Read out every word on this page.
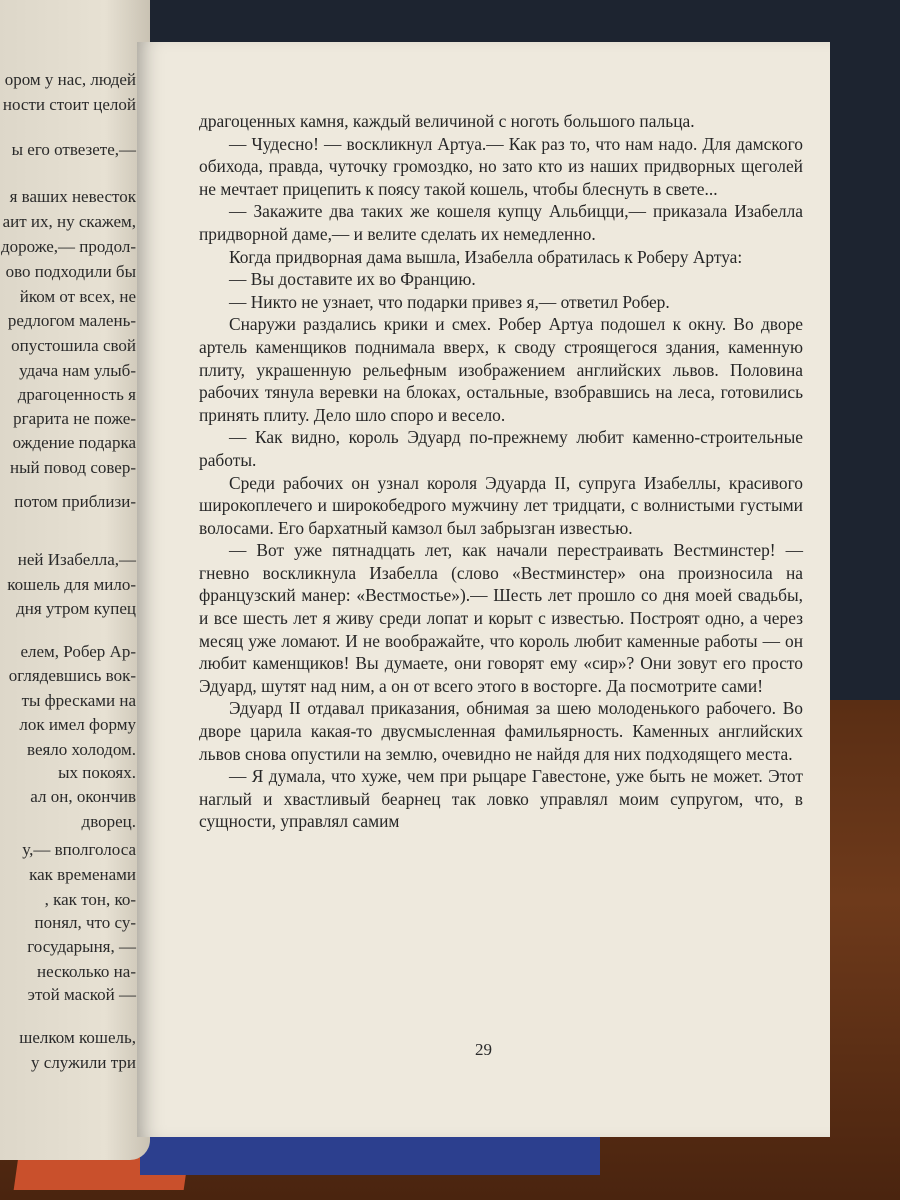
ором у нас, людей
ности стоит целой
ы его отвезете,—
я ваших невесток
аит их, ну скажем,
дороже,— продол-
ово подходили бы
йком от всех, не
редлогом малень-
опустошила свой
удача нам улыб-
драгоценность я
ргарита не поже-
ождение подарка
ный повод совер-
потом приблизи-
ней Изабелла,—
кошель для мило-
дня утром купец
елем, Робер Ар-
оглядевшись вок-
ты фресками на
лок имел форму
веяло холодом.
ых покоях.
ал он, окончив
дворец.
у,— вполголоса
как временами
, как тон, ко-
понял, что су-
государыня, —
несколько на-
этой маской —
шелком кошель,
у служили три

драгоценных камня, каждый величиной с ноготь большого пальца.

— Чудесно! — воскликнул Артуа.— Как раз то, что нам надо. Для дамского обихода, правда, чуточку громоздко, но зато кто из наших придворных щеголей не мечтает прицепить к поясу такой кошель, чтобы блеснуть в свете...

— Закажите два таких же кошеля купцу Альбицци,— приказала Изабелла придворной даме,— и велите сделать их немедленно.

Когда придворная дама вышла, Изабелла обратилась к Роберу Артуа:

— Вы доставите их во Францию.

— Никто не узнает, что подарки привез я,— ответил Робер.

Снаружи раздались крики и смех. Робер Артуа подошел к окну. Во дворе артель каменщиков поднимала вверх, к своду строящегося здания, каменную плиту, украшенную рельефным изображением английских львов. Половина рабочих тянула веревки на блоках, остальные, взобравшись на леса, готовились принять плиту. Дело шло споро и весело.

— Как видно, король Эдуард по-прежнему любит каменно-строительные работы.

Среди рабочих он узнал короля Эдуарда II, супруга Изабеллы, красивого широкоплечего и широкобедрого мужчину лет тридцати, с волнистыми густыми волосами. Его бархатный камзол был забрызган известью.

— Вот уже пятнадцать лет, как начали перестраивать Вестминстер! — гневно воскликнула Изабелла (слово «Вестминстер» она произносила на французский манер: «Вестмостье»).— Шесть лет прошло со дня моей свадьбы, и все шесть лет я живу среди лопат и корыт с известью. Построят одно, а через месяц уже ломают. И не воображайте, что король любит каменные работы — он любит каменщиков! Вы думаете, они говорят ему «сир»? Они зовут его просто Эдуард, шутят над ним, а он от всего этого в восторге. Да посмотрите сами!

Эдуард II отдавал приказания, обнимая за шею молоденького рабочего. Во дворе царила какая-то двусмысленная фамильярность. Каменных английских львов снова опустили на землю, очевидно не найдя для них подходящего места.

— Я думала, что хуже, чем при рыцаре Гавестоне, уже быть не может. Этот наглый и хвастливый беарнец так ловко управлял моим супругом, что, в сущности, управлял самим

29
